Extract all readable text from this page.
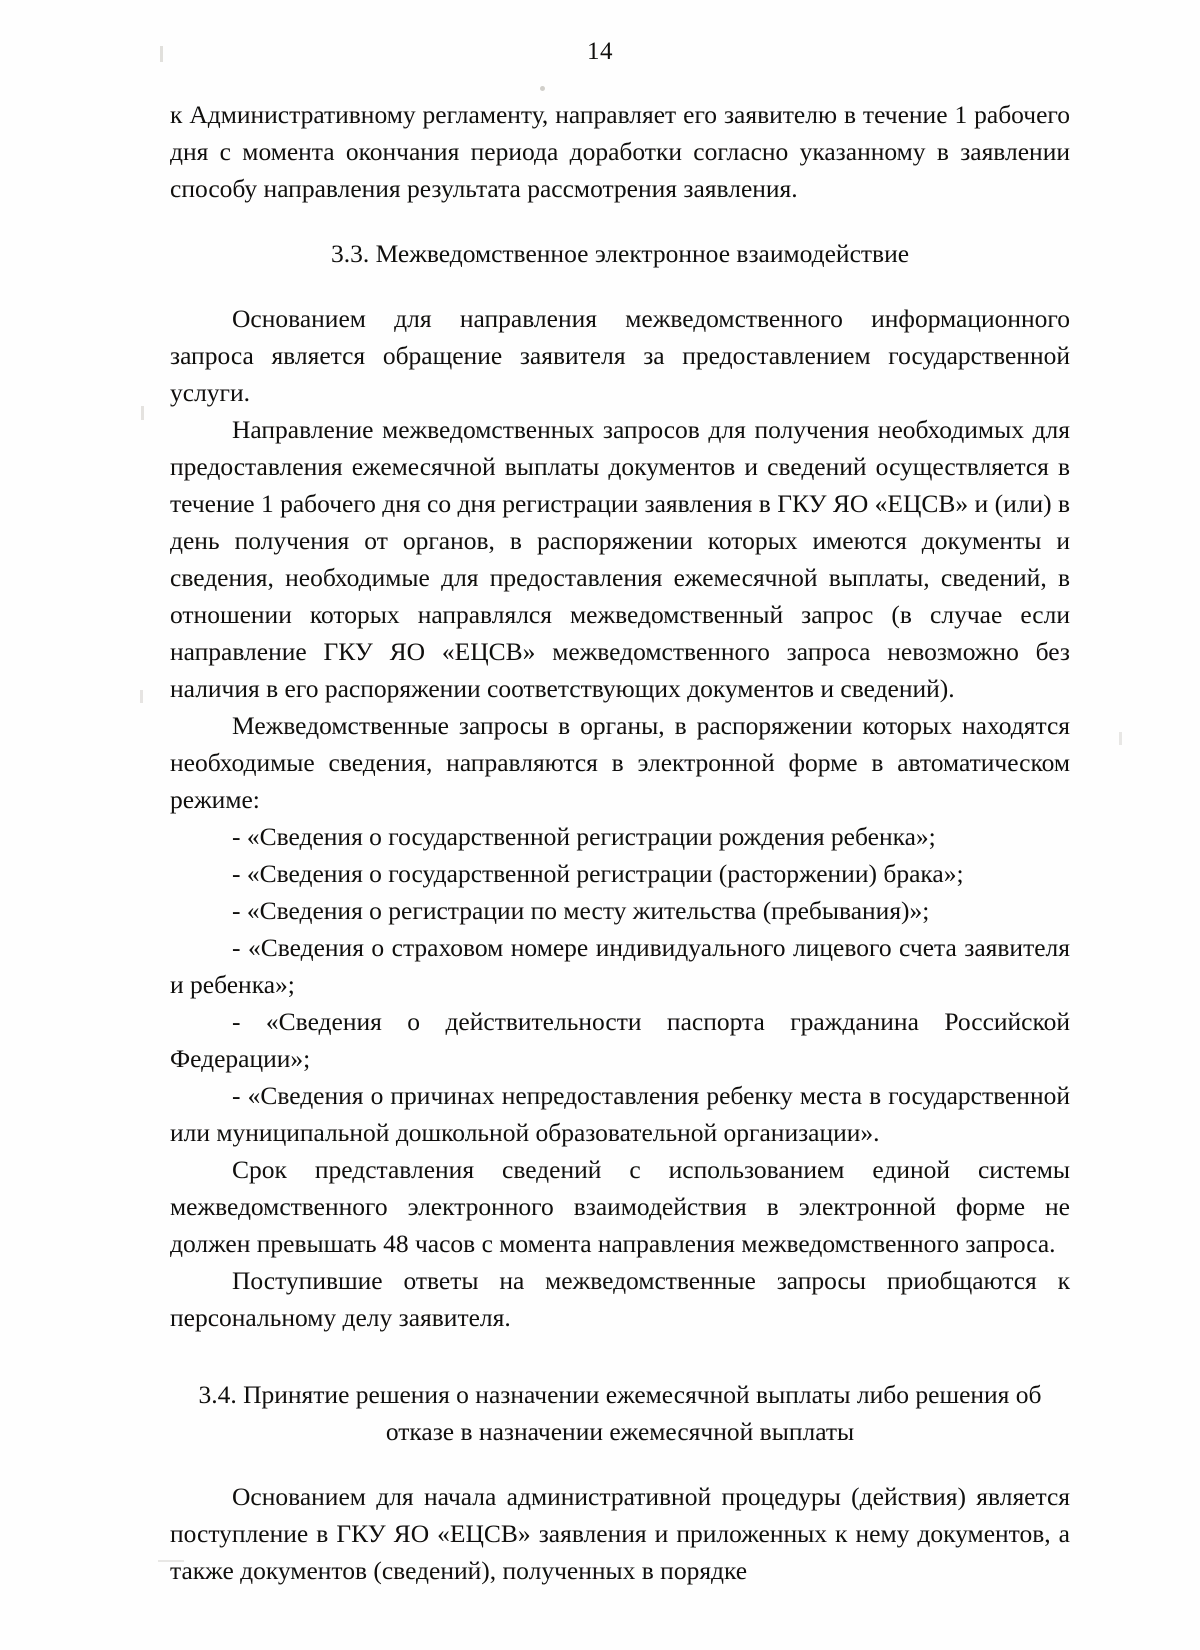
14

к Административному регламенту, направляет его заявителю в течение 1 рабочего дня с момента окончания периода доработки согласно указанному в заявлении способу направления результата рассмотрения заявления.

3.3. Межведомственное электронное взаимодействие

Основанием для направления межведомственного информационного запроса является обращение заявителя за предоставлением государственной услуги.

Направление межведомственных запросов для получения необходимых для предоставления ежемесячной выплаты документов и сведений осуществляется в течение 1 рабочего дня со дня регистрации заявления в ГКУ ЯО «ЕЦСВ» и (или) в день получения от органов, в распоряжении которых имеются документы и сведения, необходимые для предоставления ежемесячной выплаты, сведений, в отношении которых направлялся межведомственный запрос (в случае если направление ГКУ ЯО «ЕЦСВ» межведомственного запроса невозможно без наличия в его распоряжении соответствующих документов и сведений).

Межведомственные запросы в органы, в распоряжении которых находятся необходимые сведения, направляются в электронной форме в автоматическом режиме:

- «Сведения о государственной регистрации рождения ребенка»;

- «Сведения о государственной регистрации (расторжении) брака»;

- «Сведения о регистрации по месту жительства (пребывания)»;

- «Сведения о страховом номере индивидуального лицевого счета заявителя и ребенка»;

- «Сведения о действительности паспорта гражданина Российской Федерации»;

- «Сведения о причинах непредоставления ребенку места в государственной или муниципальной дошкольной образовательной организации».

Срок представления сведений с использованием единой системы межведомственного электронного взаимодействия в электронной форме не должен превышать 48 часов с момента направления межведомственного запроса.

Поступившие ответы на межведомственные запросы приобщаются к персональному делу заявителя.

3.4. Принятие решения о назначении ежемесячной выплаты либо решения об

отказе в назначении ежемесячной выплаты

Основанием для начала административной процедуры (действия) является поступление в ГКУ ЯО «ЕЦСВ» заявления и приложенных к нему документов, а также документов (сведений), полученных в порядке
